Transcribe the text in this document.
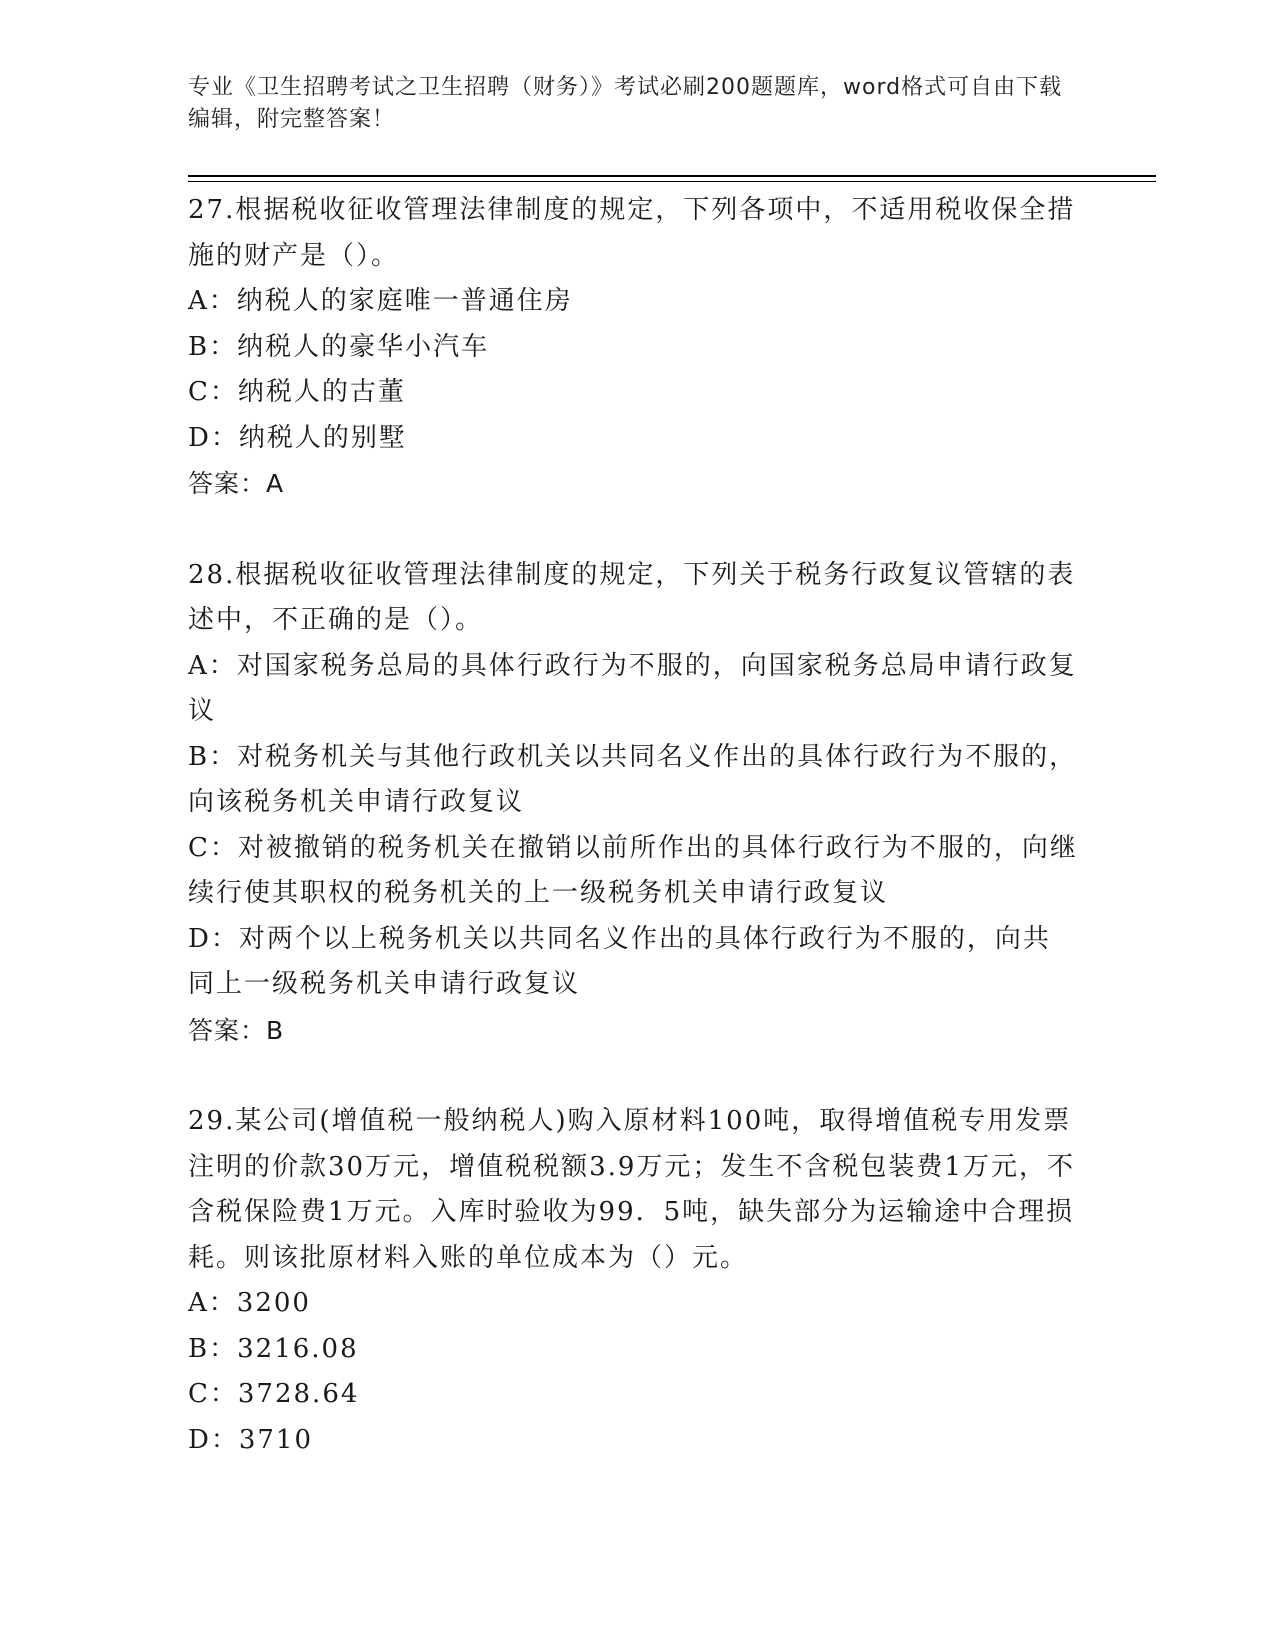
专业《卫生招聘考试之卫生招聘（财务）》考试必刷200题题库，word格式可自由下载编辑，附完整答案！

27.根据税收征收管理法律制度的规定，下列各项中，不适用税收保全措施的财产是（）。

A：纳税人的家庭唯一普通住房

B：纳税人的豪华小汽车

C：纳税人的古董

D：纳税人的别墅

答案：A

28.根据税收征收管理法律制度的规定，下列关于税务行政复议管辖的表述中，不正确的是（）。

A：对国家税务总局的具体行政行为不服的，向国家税务总局申请行政复议

B：对税务机关与其他行政机关以共同名义作出的具体行政行为不服的，向该税务机关申请行政复议

C：对被撤销的税务机关在撤销以前所作出的具体行政行为不服的，向继续行使其职权的税务机关的上一级税务机关申请行政复议

D：对两个以上税务机关以共同名义作出的具体行政行为不服的，向共同上一级税务机关申请行政复议

答案：B

29.某公司(增值税一般纳税人)购入原材料100吨，取得增值税专用发票注明的价款30万元，增值税税额3.9万元；发生不含税包装费1万元，不含税保险费1万元。入库时验收为99．5吨，缺失部分为运输途中合理损耗。则该批原材料入账的单位成本为（）元。

A：3200

B：3216.08

C：3728.64

D：3710
